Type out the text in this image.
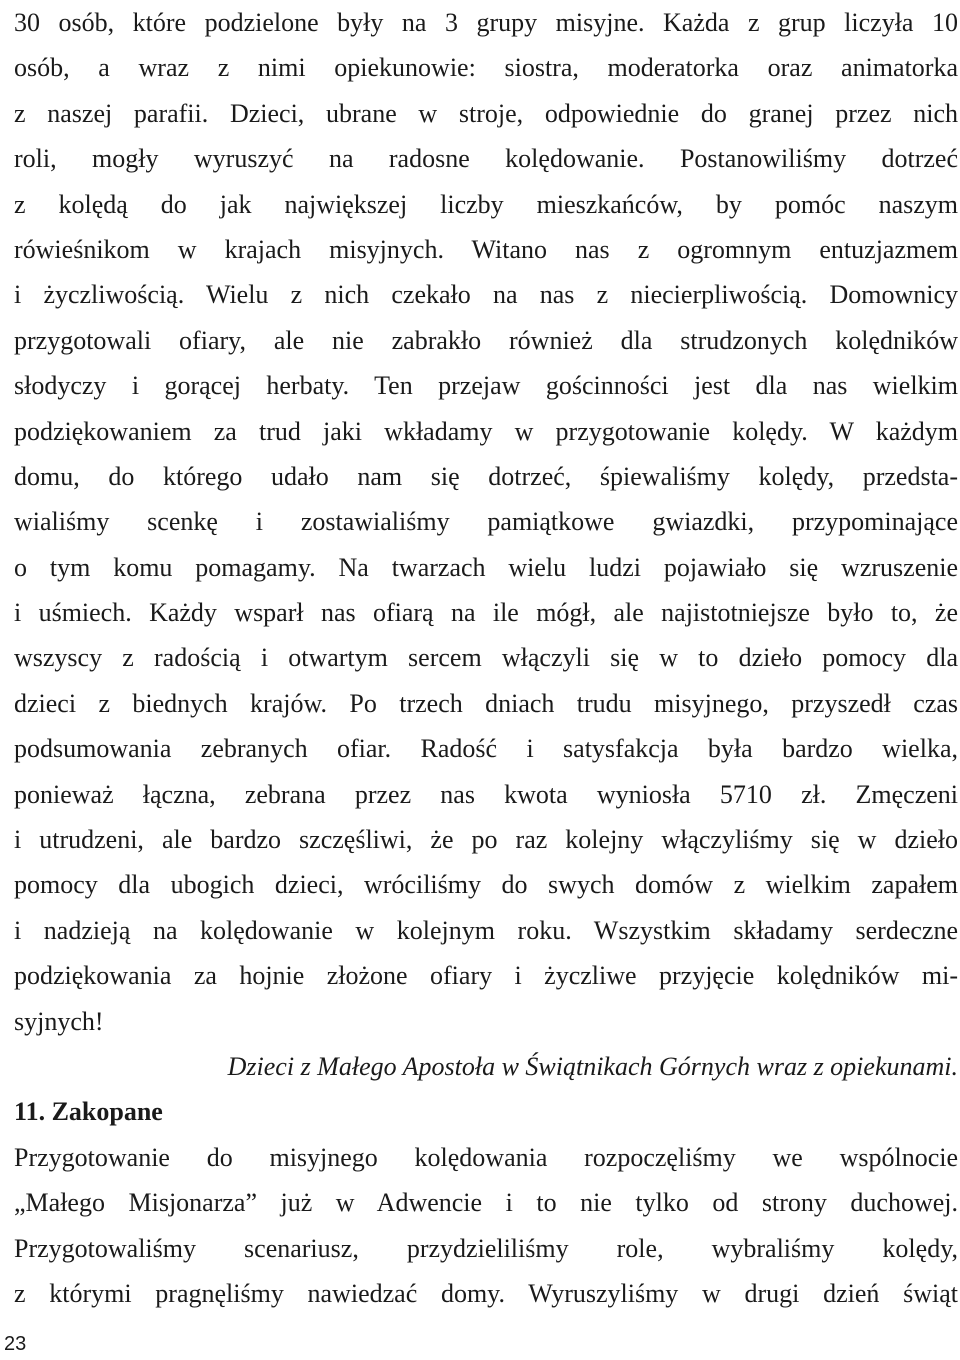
30 osób, które podzielone były na 3 grupy misyjne. Każda z grup liczyła 10
osób, a wraz z nimi opiekunowie: siostra, moderatorka oraz animatorka
z naszej parafii. Dzieci, ubrane w stroje, odpowiednie do granej przez nich
roli, mogły wyruszyć na radosne kolędowanie. Postanowiliśmy dotrzeć
z kolędą do jak największej liczby mieszkańców, by pomóc naszym
rówieśnikom w krajach misyjnych. Witano nas z ogromnym entuzjazmem
i życzliwością. Wielu z nich czekało na nas z niecierpliwością. Domownicy
przygotowali ofiary, ale nie zabrakło również dla strudzonych kolędników
słodyczy i gorącej herbaty. Ten przejaw gościnności jest dla nas wielkim
podziękowaniem za trud jaki wkładamy w przygotowanie kolędy. W każdym
domu, do którego udało nam się dotrzeć, śpiewaliśmy kolędy, przedsta-
wialiśmy scenkę i zostawialiśmy pamiątkowe gwiazdki, przypominające
o tym komu pomagamy. Na twarzach wielu ludzi pojawiało się wzruszenie
i uśmiech. Każdy wsparł nas ofiarą na ile mógł, ale najistotniejsze było to, że
wszyscy z radością i otwartym sercem włączyli się w to dzieło pomocy dla
dzieci z biednych krajów. Po trzech dniach trudu misyjnego, przyszedł czas
podsumowania zebranych ofiar. Radość i satysfakcja była bardzo wielka,
ponieważ łączna, zebrana przez nas kwota wyniosła 5710 zł. Zmęczeni
i utrudzeni, ale bardzo szczęśliwi, że po raz kolejny włączyliśmy się w dzieło
pomocy dla ubogich dzieci, wróciliśmy do swych domów z wielkim zapałem
i nadzieją na kolędowanie w kolejnym roku. Wszystkim składamy serdeczne
podziękowania za hojnie złożone ofiary i życzliwe przyjęcie kolędników mi-
syjnych!
Dzieci z Małego Apostoła w Świątnikach Górnych wraz z opiekunami.
11. Zakopane
Przygotowanie do misyjnego kolędowania rozpoczęliśmy we wspólnocie
„Małego Misjonarza” już w Adwencie i to nie tylko od strony duchowej.
Przygotowaliśmy scenariusz, przydzieliliśmy role, wybraliśmy kolędy,
z którymi pragnęliśmy nawiedzać domy. Wyruszyliśmy w drugi dzień świąt
23
